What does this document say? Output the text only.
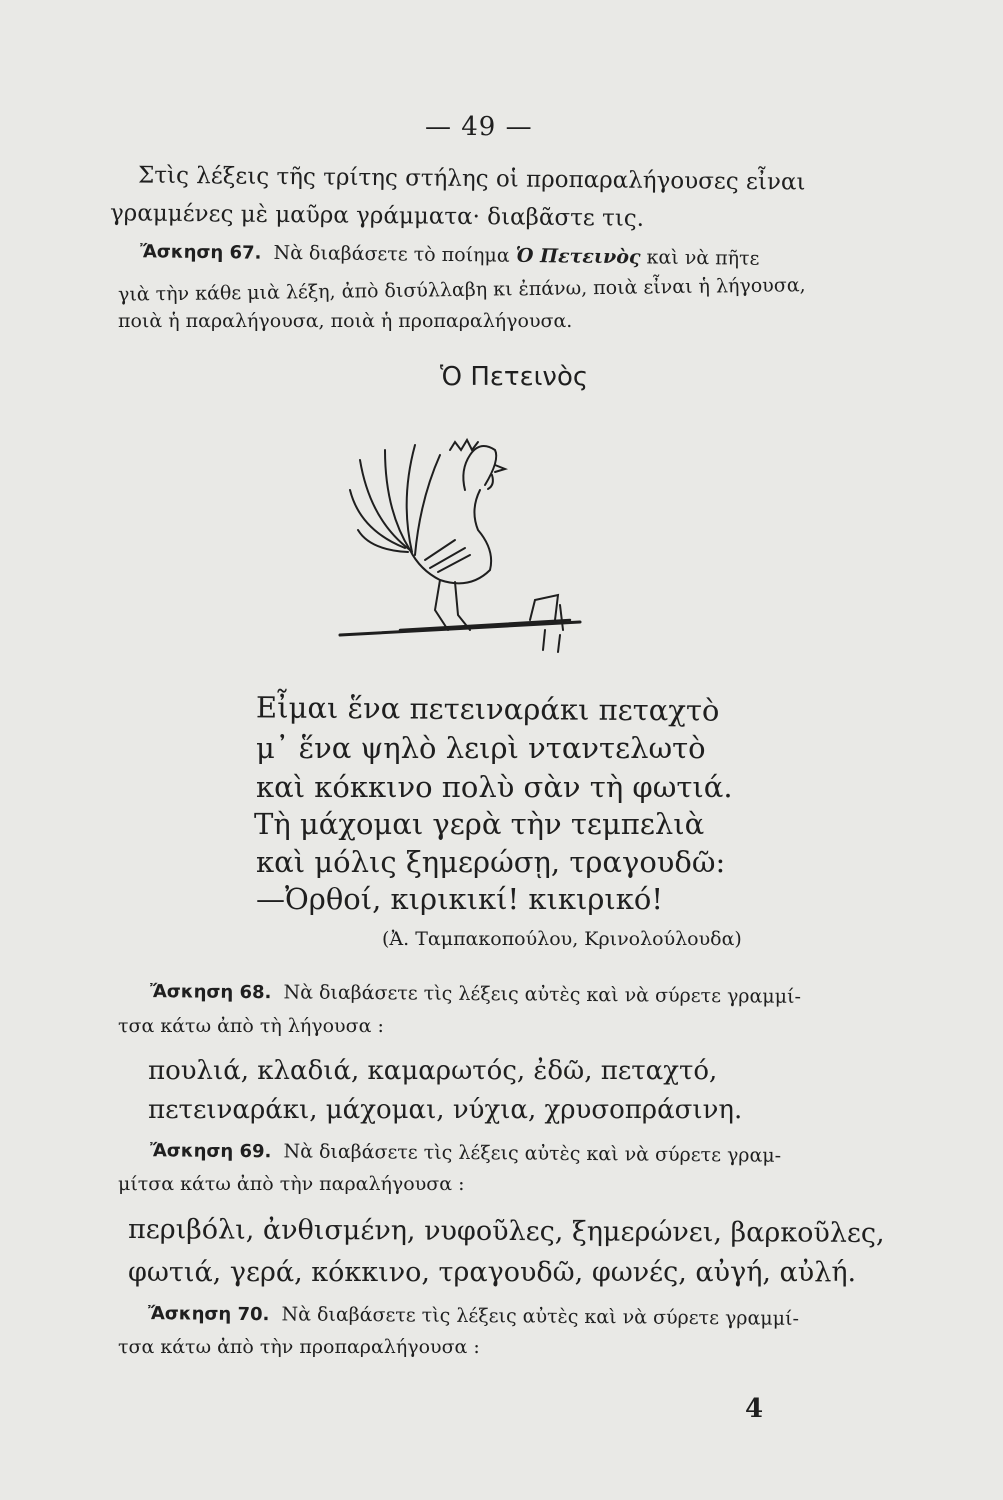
— 49 —
Στὶς λέξεις τῆς τρίτης στήλης οἱ προπαραλήγουσες εἶναι
γραμμένες μὲ μαῦρα γράμματα· διαβᾶστε τις.
Ἄσκηση 67. Νὰ διαβάσετε τὸ ποίημα Ὁ Πετεινὸς καὶ νὰ πῆτε
γιὰ τὴν κάθε μιὰ λέξη, ἀπὸ δισύλλαβη κι ἐπάνω, ποιὰ εἶναι ἡ λήγουσα,
ποιὰ ἡ παραλήγουσα, ποιὰ ἡ προπαραλήγουσα.
Ὁ Πετεινὸς
Εἶμαι ἕνα πετειναράκι πεταχτὸ
μ᾽ ἕνα ψηλὸ λειρὶ νταντελωτὸ
καὶ κόκκινο πολὺ σὰν τὴ φωτιά.
Τὴ μάχομαι γερὰ τὴν τεμπελιὰ
καὶ μόλις ξημερώσῃ, τραγουδῶ:
—Ὀρθοί, κιρικικί! κικιρικό!
(Ἀ. Ταμπακοπούλου, Κρινολούλουδα)
Ἄσκηση 68. Νὰ διαβάσετε τὶς λέξεις αὐτὲς καὶ νὰ σύρετε γραμμί-
τσα κάτω ἀπὸ τὴ λήγουσα :
πουλιά, κλαδιά, καμαρωτός, ἐδῶ, πεταχτό,
πετειναράκι, μάχομαι, νύχια, χρυσοπράσινη.
Ἄσκηση 69. Νὰ διαβάσετε τὶς λέξεις αὐτὲς καὶ νὰ σύρετε γραμ-
μίτσα κάτω ἀπὸ τὴν παραλήγουσα :
περιβόλι, ἀνθισμένη, νυφοῦλες, ξημερώνει, βαρκοῦλες,
φωτιά, γερά, κόκκινο, τραγουδῶ, φωνές, αὐγή, αὐλή.
Ἄσκηση 70. Νὰ διαβάσετε τὶς λέξεις αὐτὲς καὶ νὰ σύρετε γραμμί-
τσα κάτω ἀπὸ τὴν προπαραλήγουσα :
4
